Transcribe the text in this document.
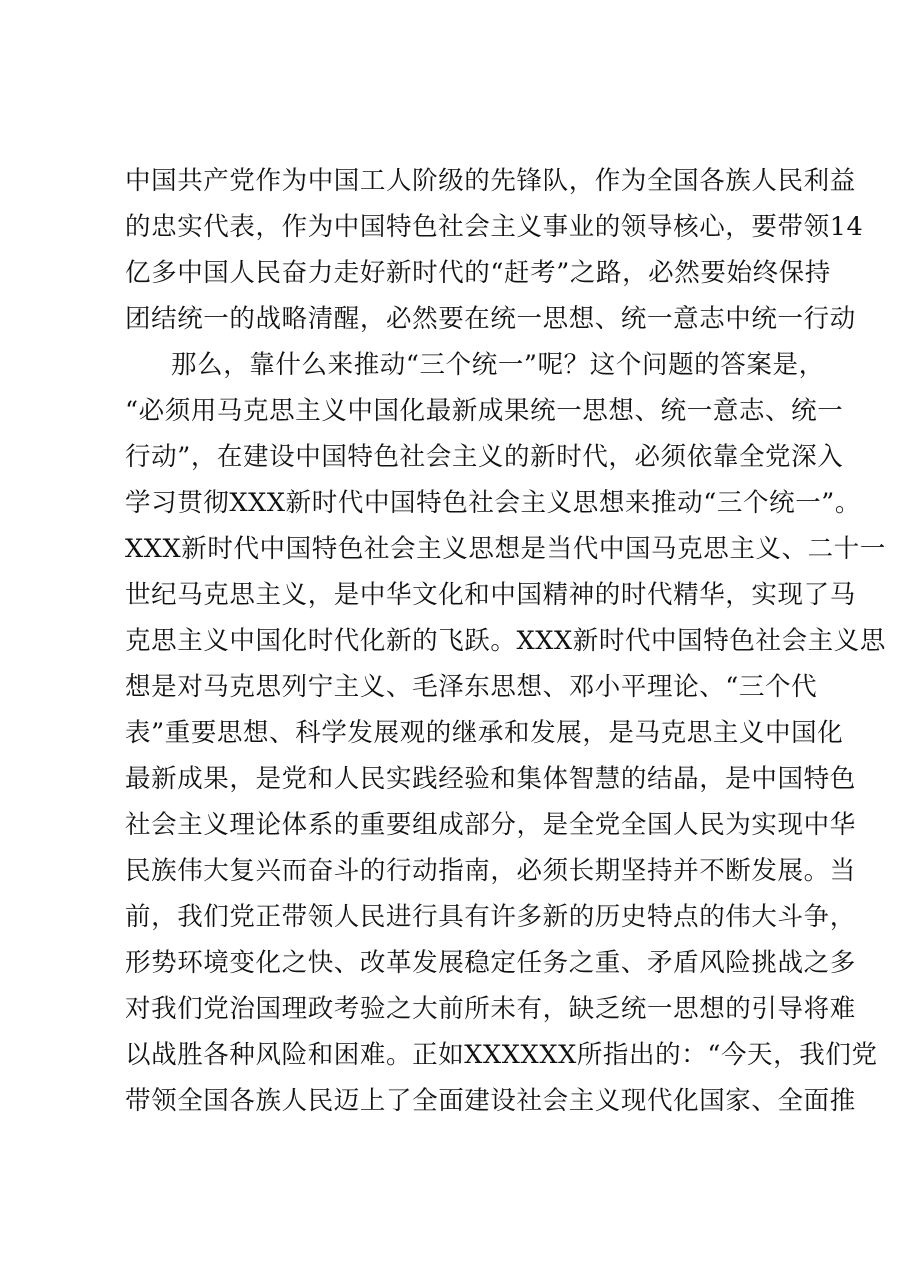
中国共产党作为中国工人阶级的先锋队，作为全国各族人民利益
的忠实代表，作为中国特色社会主义事业的领导核心，要带领14
亿多中国人民奋力走好新时代的“赶考”之路，必然要始终保持
团结统一的战略清醒，必然要在统一思想、统一意志中统一行动
那么，靠什么来推动“三个统一”呢？这个问题的答案是，
“必须用马克思主义中国化最新成果统一思想、统一意志、统一
行动”，在建设中国特色社会主义的新时代，必须依靠全党深入
学习贯彻XXX新时代中国特色社会主义思想来推动“三个统一”。
XXX新时代中国特色社会主义思想是当代中国马克思主义、二十一
世纪马克思主义，是中华文化和中国精神的时代精华，实现了马
克思主义中国化时代化新的飞跃。XXX新时代中国特色社会主义思
想是对马克思列宁主义、毛泽东思想、邓小平理论、“三个代
表”重要思想、科学发展观的继承和发展，是马克思主义中国化
最新成果，是党和人民实践经验和集体智慧的结晶，是中国特色
社会主义理论体系的重要组成部分，是全党全国人民为实现中华
民族伟大复兴而奋斗的行动指南，必须长期坚持并不断发展。当
前，我们党正带领人民进行具有许多新的历史特点的伟大斗争，
形势环境变化之快、改革发展稳定任务之重、矛盾风险挑战之多
对我们党治国理政考验之大前所未有，缺乏统一思想的引导将难
以战胜各种风险和困难。正如XXXXXX所指出的：“今天，我们党
带领全国各族人民迈上了全面建设社会主义现代化国家、全面推
